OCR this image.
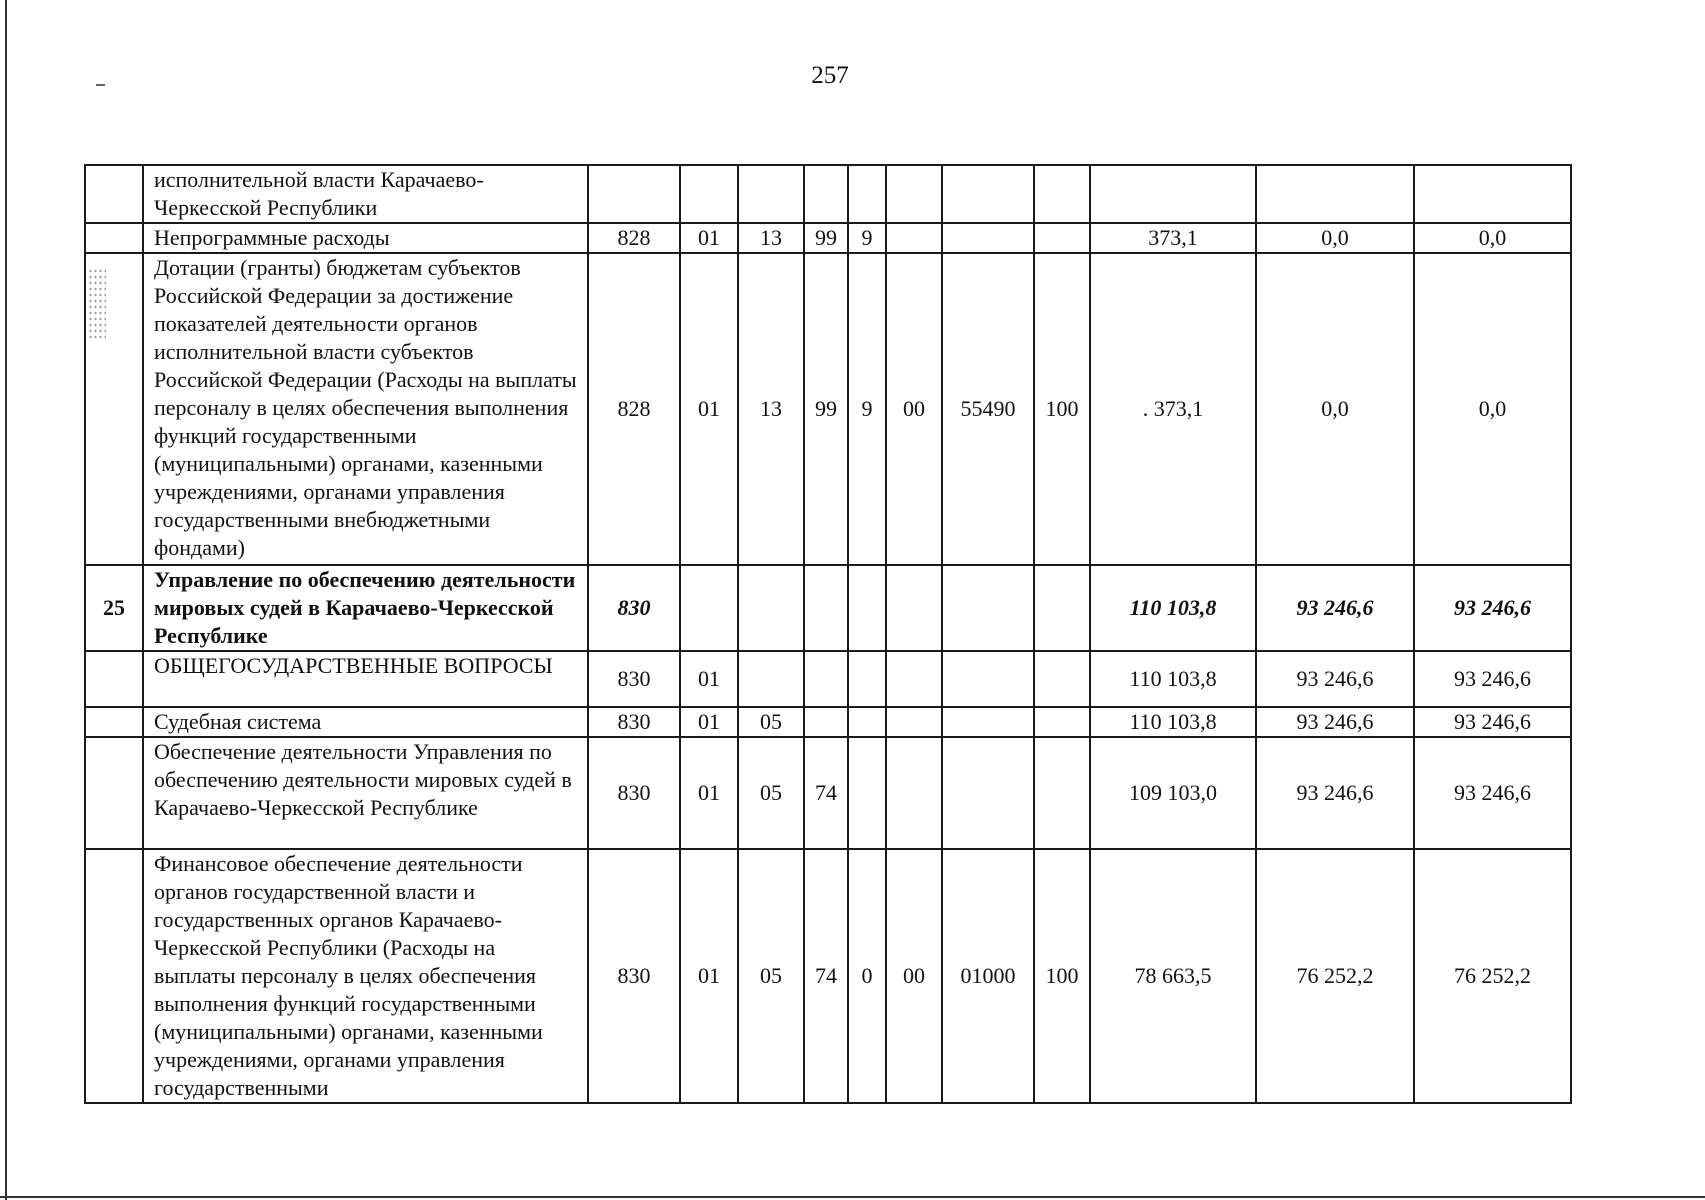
257
	исполнительной власти Карачаево-Черкесской Республики											
	Непрограммные расходы	828	01	13	99	9				373,1	0,0	0,0
	Дотации (гранты) бюджетам субъектов Российской Федерации за достижение показателей деятельности органов исполнительной власти субъектов Российской Федерации (Расходы на выплаты персоналу в целях обеспечения выполнения функций государственными (муниципальными) органами, казенными учреждениями, органами управления государственными внебюджетными фондами)	828	01	13	99	9	00	55490	100	. 373,1	0,0	0,0
25	Управление по обеспечению деятельности мировых судей в Карачаево-Черкесской Республике	830								110 103,8	93 246,6	93 246,6
	ОБЩЕГОСУДАРСТВЕННЫЕ ВОПРОСЫ	830	01							110 103,8	93 246,6	93 246,6
	Судебная система	830	01	05						110 103,8	93 246,6	93 246,6
	Обеспечение деятельности Управления по обеспечению деятельности мировых судей в Карачаево-Черкесской Республике	830	01	05	74					109 103,0	93 246,6	93 246,6
	Финансовое обеспечение деятельности органов государственной власти и государственных органов Карачаево-Черкесской Республики (Расходы на выплаты персоналу в целях обеспечения выполнения функций государственными (муниципальными) органами, казенными учреждениями, органами управления государственными	830	01	05	74	0	00	01000	100	78 663,5	76 252,2	76 252,2
